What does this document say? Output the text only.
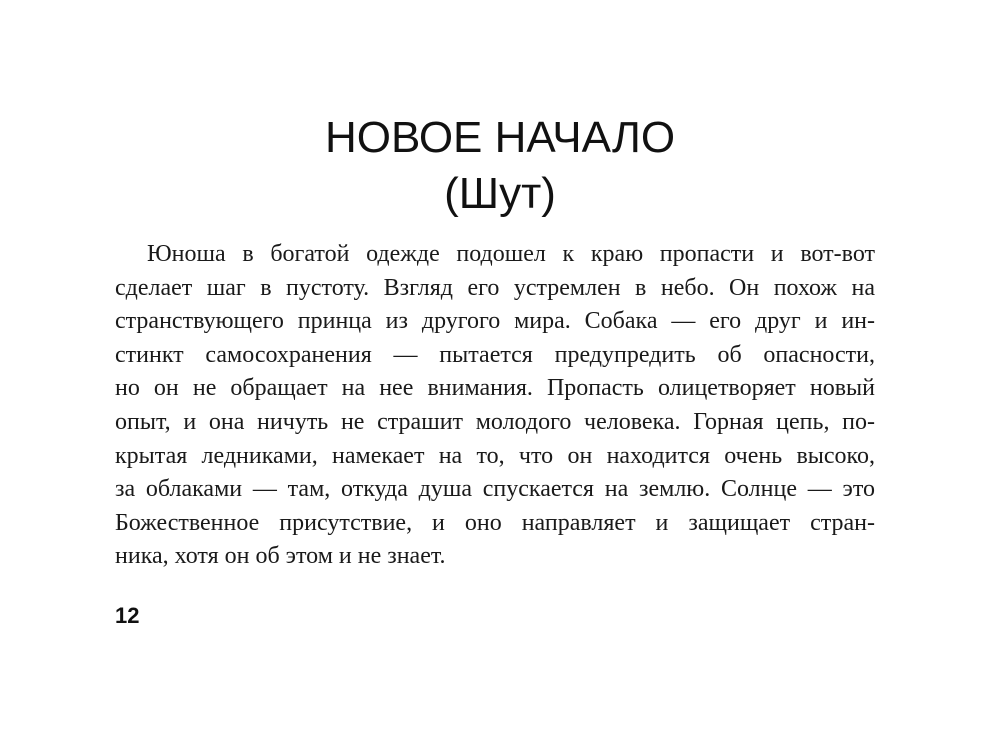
НОВОЕ НАЧАЛО
(Шут)
Юноша в богатой одежде подошел к краю пропасти и вот-вот
сделает шаг в пустоту. Взгляд его устремлен в небо. Он похож на
странствующего принца из другого мира. Собака — его друг и ин-
стинкт самосохранения — пытается предупредить об опасности,
но он не обращает на нее внимания. Пропасть олицетворяет новый
опыт, и она ничуть не страшит молодого человека. Горная цепь, по-
крытая ледниками, намекает на то, что он находится очень высоко,
за облаками — там, откуда душа спускается на землю. Солнце — это
Божественное присутствие, и оно направляет и защищает стран-
ника, хотя он об этом и не знает.
12
